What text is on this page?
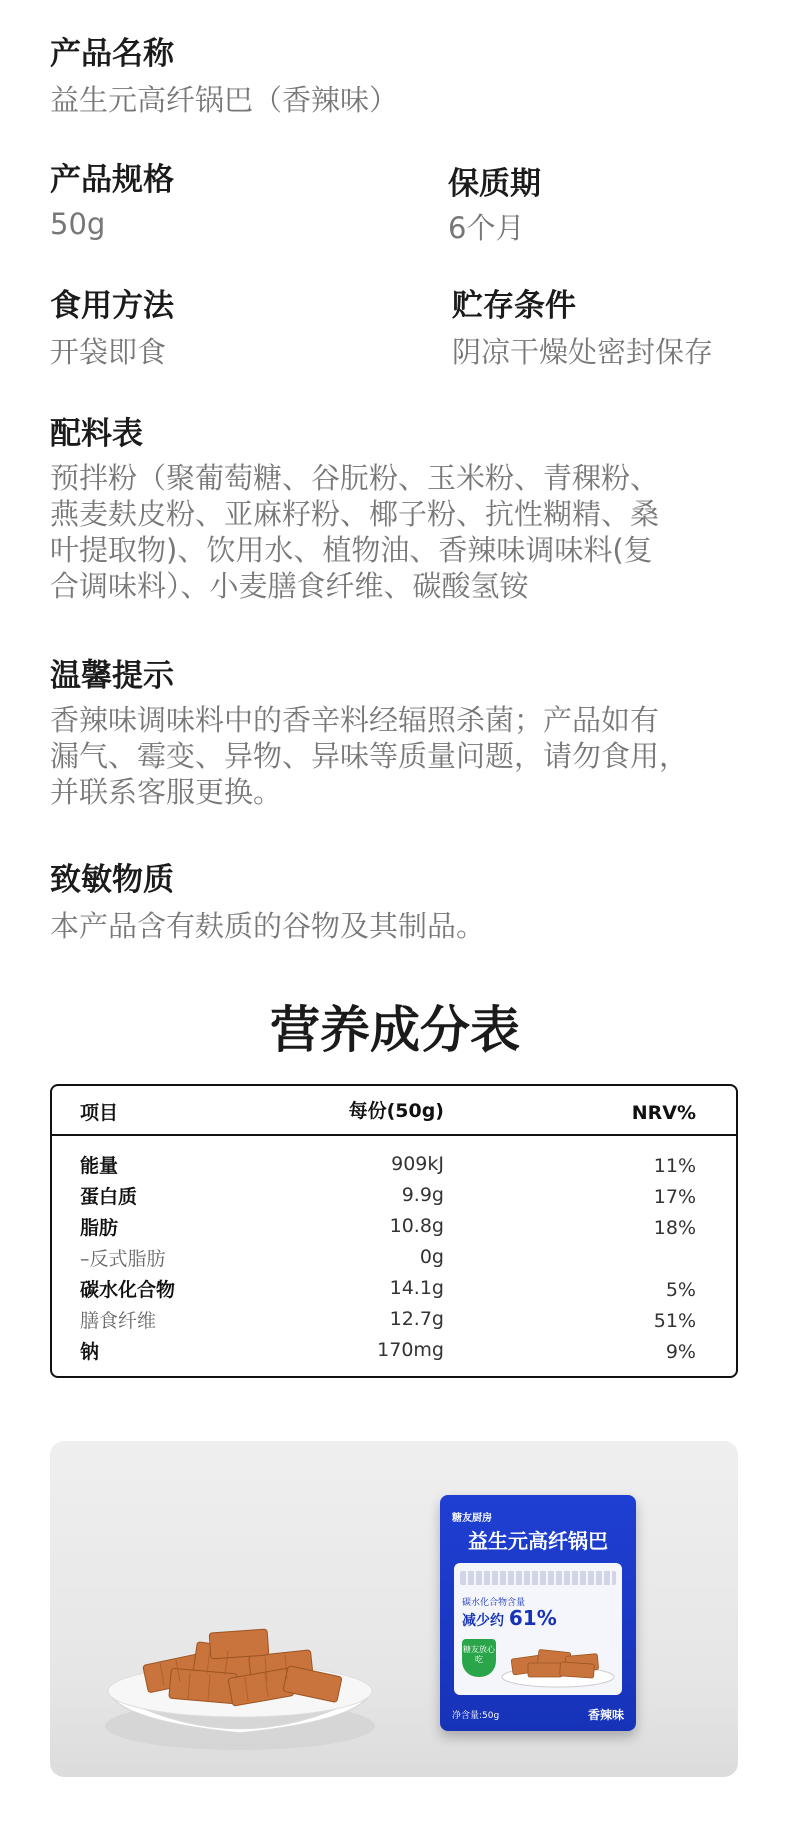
产品名称
益生元高纤锅巴（香辣味）
产品规格
50g
保质期
6个月
食用方法
开袋即食
贮存条件
阴凉干燥处密封保存
配料表
预拌粉（聚葡萄糖、谷朊粉、玉米粉、青稞粉、
燕麦麸皮粉、亚麻籽粉、椰子粉、抗性糊精、桑
叶提取物)、饮用水、植物油、香辣味调味料(复
合调味料）、小麦膳食纤维、碳酸氢铵
温馨提示
香辣味调味料中的香辛料经辐照杀菌；产品如有
漏气、霉变、异物、异味等质量问题，请勿食用，
并联系客服更换。
致敏物质
本产品含有麸质的谷物及其制品。
营养成分表
项目	每份(50g)	NRV%
能量	909kJ	11%
蛋白质	9.9g	17%
脂肪	10.8g	18%
–反式脂肪	0g
碳水化合物	14.1g	5%
膳食纤维	12.7g	51%
钠	170mg	9%
糖友厨房
益生元高纤锅巴
碳水化合物含量
减少约 61%
糖友放心吃
净含量:50g	香辣味
